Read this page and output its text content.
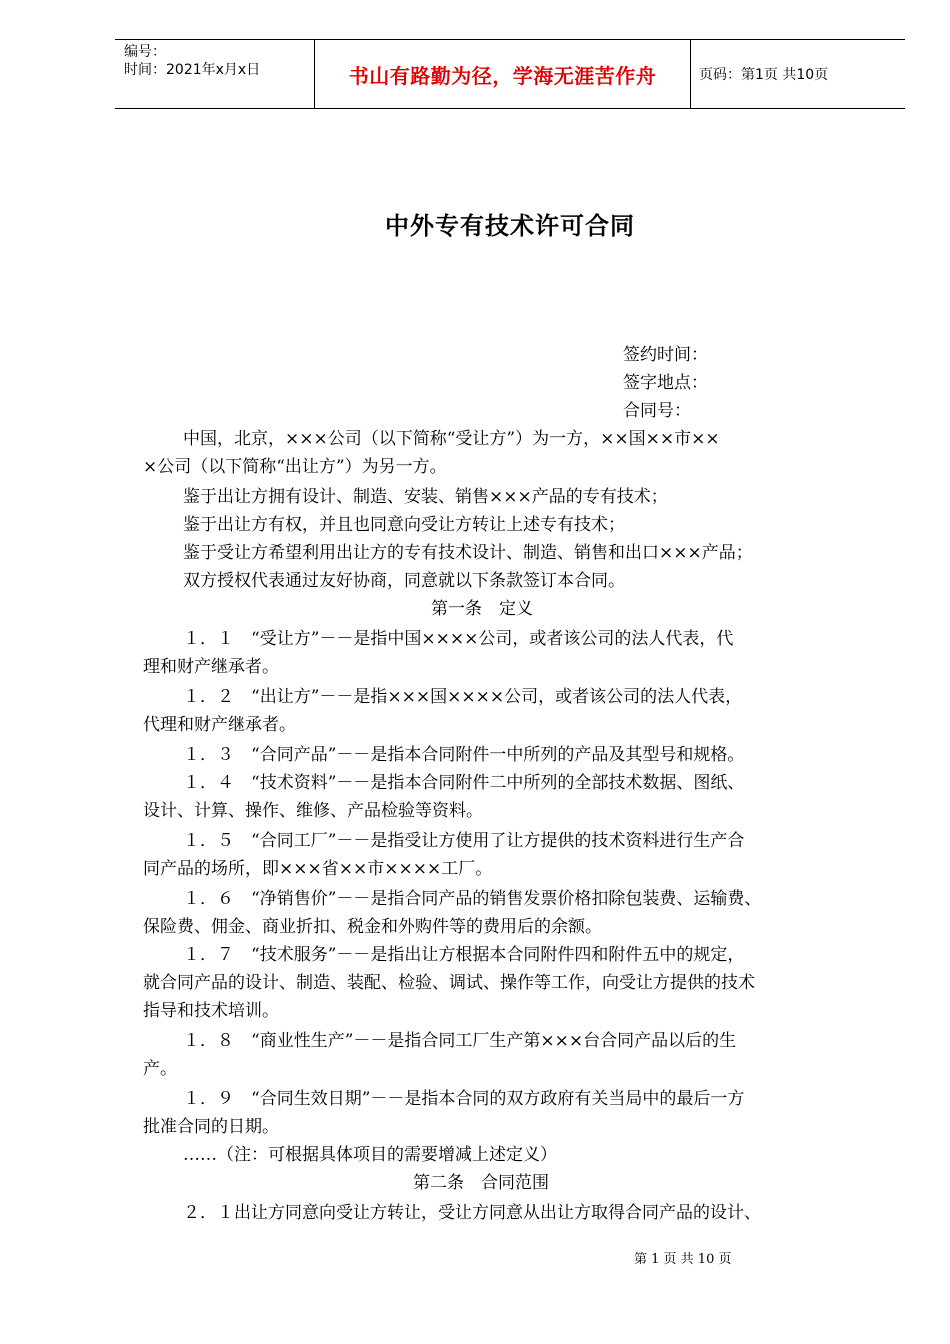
编号：
时间：2021年x月x日	书山有路勤为径，学海无涯苦作舟	页码：第1页 共10页
中外专有技术许可合同
签约时间：
签字地点：
合同号：
中国，北京，×××公司（以下简称“受让方”）为一方，××国××市××
×公司（以下简称“出让方”）为另一方。
鉴于出让方拥有设计、制造、安装、销售×××产品的专有技术；
鉴于出让方有权，并且也同意向受让方转让上述专有技术；
鉴于受让方希望利用出让方的专有技术设计、制造、销售和出口×××产品；
双方授权代表通过友好协商，同意就以下条款签订本合同。
第一条　定义
１．１　“受让方”－－是指中国××××公司，或者该公司的法人代表，代
理和财产继承者。
１．２　“出让方”－－是指×××国××××公司，或者该公司的法人代表，
代理和财产继承者。
１．３　“合同产品”－－是指本合同附件一中所列的产品及其型号和规格。
１．４　“技术资料”－－是指本合同附件二中所列的全部技术数据、图纸、
设计、计算、操作、维修、产品检验等资料。
１．５　“合同工厂”－－是指受让方使用了让方提供的技术资料进行生产合
同产品的场所，即×××省××市××××工厂。
１．６　“净销售价”－－是指合同产品的销售发票价格扣除包装费、运输费、
保险费、佣金、商业折扣、税金和外购件等的费用后的余额。
１．７　“技术服务”－－是指出让方根据本合同附件四和附件五中的规定，
就合同产品的设计、制造、装配、检验、调试、操作等工作，向受让方提供的技术
指导和技术培训。
１．８　“商业性生产”－－是指合同工厂生产第×××台合同产品以后的生
产。
１．９　“合同生效日期”－－是指本合同的双方政府有关当局中的最后一方
批准合同的日期。
……（注：可根据具体项目的需要增减上述定义）
第二条　合同范围
２．１出让方同意向受让方转让，受让方同意从出让方取得合同产品的设计、
第 1 页 共 10 页
